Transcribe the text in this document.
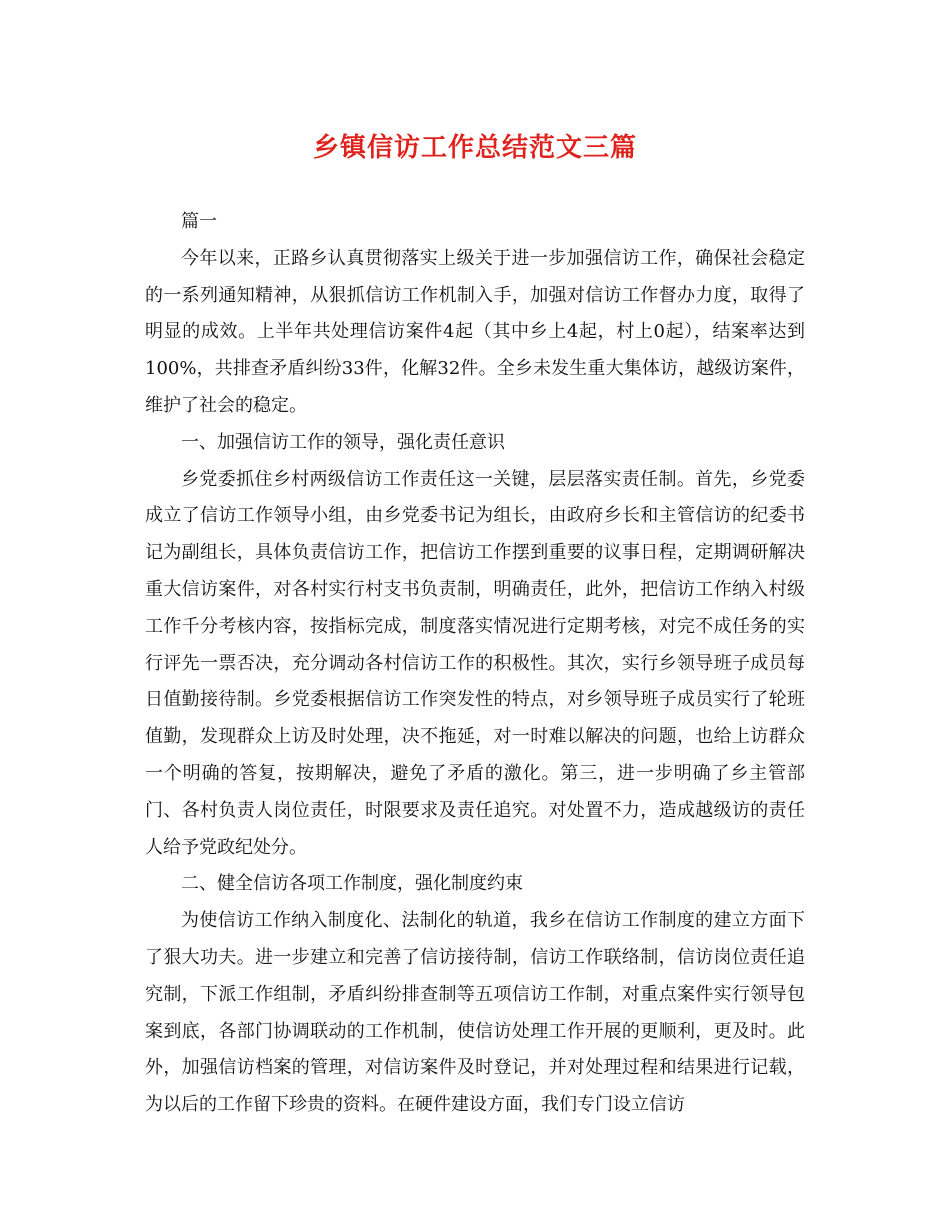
乡镇信访工作总结范文三篇

篇一

今年以来，正路乡认真贯彻落实上级关于进一步加强信访工作，确保社会稳定的一系列通知精神，从狠抓信访工作机制入手，加强对信访工作督办力度，取得了明显的成效。上半年共处理信访案件4起（其中乡上4起，村上0起），结案率达到100%，共排查矛盾纠纷33件，化解32件。全乡未发生重大集体访，越级访案件，维护了社会的稳定。

一、加强信访工作的领导，强化责任意识

乡党委抓住乡村两级信访工作责任这一关键，层层落实责任制。首先，乡党委成立了信访工作领导小组，由乡党委书记为组长，由政府乡长和主管信访的纪委书记为副组长，具体负责信访工作，把信访工作摆到重要的议事日程，定期调研解决重大信访案件，对各村实行村支书负责制，明确责任，此外，把信访工作纳入村级工作千分考核内容，按指标完成，制度落实情况进行定期考核，对完不成任务的实行评先一票否决，充分调动各村信访工作的积极性。其次，实行乡领导班子成员每日值勤接待制。乡党委根据信访工作突发性的特点，对乡领导班子成员实行了轮班值勤，发现群众上访及时处理，决不拖延，对一时难以解决的问题，也给上访群众一个明确的答复，按期解决，避免了矛盾的激化。第三，进一步明确了乡主管部门、各村负责人岗位责任，时限要求及责任追究。对处置不力，造成越级访的责任人给予党政纪处分。

二、健全信访各项工作制度，强化制度约束

为使信访工作纳入制度化、法制化的轨道，我乡在信访工作制度的建立方面下了狠大功夫。进一步建立和完善了信访接待制，信访工作联络制，信访岗位责任追究制，下派工作组制，矛盾纠纷排查制等五项信访工作制，对重点案件实行领导包案到底，各部门协调联动的工作机制，使信访处理工作开展的更顺利，更及时。此外，加强信访档案的管理，对信访案件及时登记，并对处理过程和结果进行记载，为以后的工作留下珍贵的资料。在硬件建设方面，我们专门设立信访
